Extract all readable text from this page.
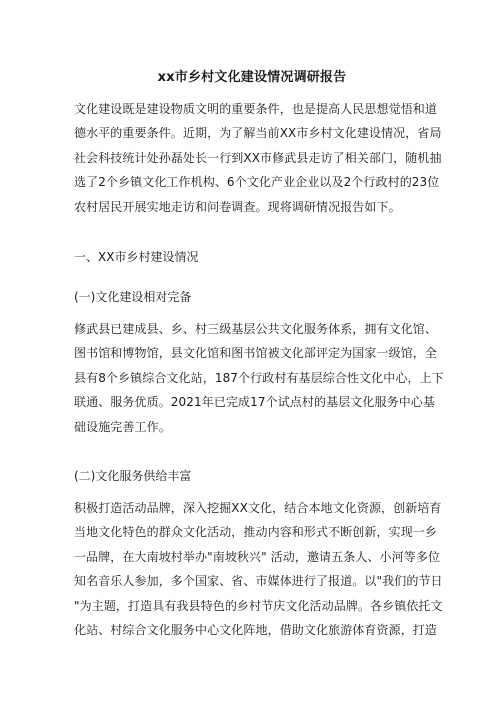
xx市乡村文化建设情况调研报告
文化建设既是建设物质文明的重要条件，也是提高人民思想觉悟和道
德水平的重要条件。近期，为了解当前XX市乡村文化建设情况，省局
社会科技统计处孙磊处长一行到XX市修武县走访了相关部门，随机抽
选了2个乡镇文化工作机构、6个文化产业企业以及2个行政村的23位
农村居民开展实地走访和问卷调查。现将调研情况报告如下。
一、XX市乡村建设情况
(一)文化建设相对完备
修武县已建成县、乡、村三级基层公共文化服务体系，拥有文化馆、
图书馆和博物馆，县文化馆和图书馆被文化部评定为国家一级馆，全
县有8个乡镇综合文化站，187个行政村有基层综合性文化中心，上下
联通、服务优质。2021年已完成17个试点村的基层文化服务中心基
础设施完善工作。
(二)文化服务供给丰富
积极打造活动品牌，深入挖掘XX文化，结合本地文化资源，创新培育
当地文化特色的群众文化活动，推动内容和形式不断创新，实现一乡
一品牌，在大南坡村举办"南坡秋兴" 活动，邀请五条人、小河等多位
知名音乐人参加，多个国家、省、市媒体进行了报道。以"我们的节日
"为主题，打造具有我县特色的乡村节庆文化活动品牌。各乡镇依托文
化站、村综合文化服务中心文化阵地，借助文化旅游体育资源，打造
